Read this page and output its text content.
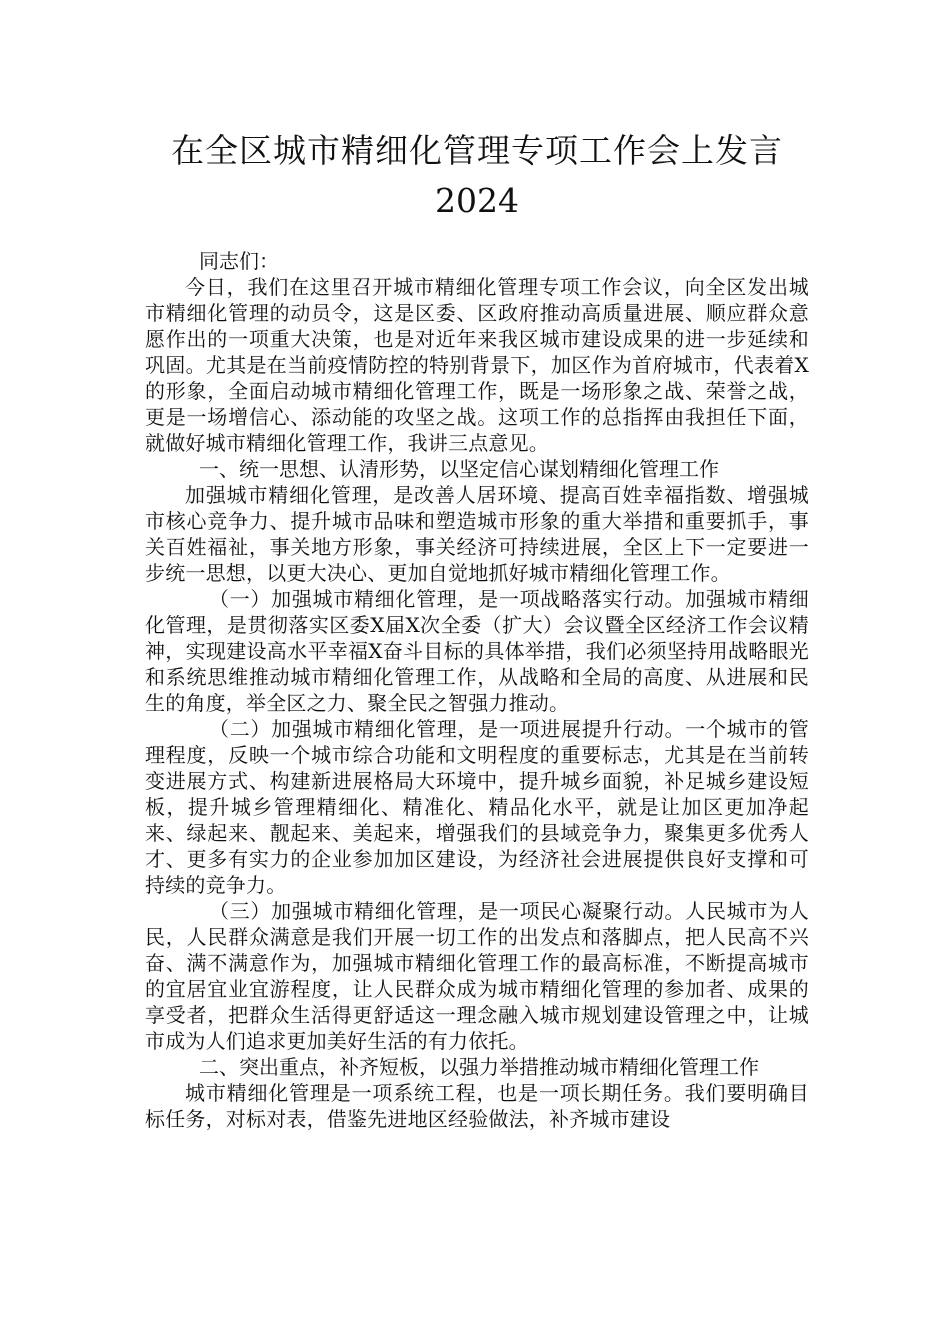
在全区城市精细化管理专项工作会上发言
2024

同志们：

今日，我们在这里召开城市精细化管理专项工作会议，向全区发出城市精细化管理的动员令，这是区委、区政府推动高质量进展、顺应群众意愿作出的一项重大决策，也是对近年来我区城市建设成果的进一步延续和巩固。尤其是在当前疫情防控的特别背景下，加区作为首府城市，代表着X的形象，全面启动城市精细化管理工作，既是一场形象之战、荣誉之战，更是一场增信心、添动能的攻坚之战。这项工作的总指挥由我担任下面，就做好城市精细化管理工作，我讲三点意见。

一、统一思想、认清形势，以坚定信心谋划精细化管理工作

加强城市精细化管理，是改善人居环境、提高百姓幸福指数、增强城市核心竞争力、提升城市品味和塑造城市形象的重大举措和重要抓手，事关百姓福祉，事关地方形象，事关经济可持续进展，全区上下一定要进一步统一思想，以更大决心、更加自觉地抓好城市精细化管理工作。

（一）加强城市精细化管理，是一项战略落实行动。加强城市精细化管理，是贯彻落实区委X届X次全委（扩大）会议暨全区经济工作会议精神，实现建设高水平幸福X奋斗目标的具体举措，我们必须坚持用战略眼光和系统思维推动城市精细化管理工作，从战略和全局的高度、从进展和民生的角度，举全区之力、聚全民之智强力推动。

（二）加强城市精细化管理，是一项进展提升行动。一个城市的管理程度，反映一个城市综合功能和文明程度的重要标志，尤其是在当前转变进展方式、构建新进展格局大环境中，提升城乡面貌，补足城乡建设短板，提升城乡管理精细化、精准化、精品化水平，就是让加区更加净起来、绿起来、靓起来、美起来，增强我们的县域竞争力，聚集更多优秀人才、更多有实力的企业参加加区建设，为经济社会进展提供良好支撑和可持续的竞争力。

（三）加强城市精细化管理，是一项民心凝聚行动。人民城市为人民，人民群众满意是我们开展一切工作的出发点和落脚点，把人民高不兴奋、满不满意作为，加强城市精细化管理工作的最高标准，不断提高城市的宜居宜业宜游程度，让人民群众成为城市精细化管理的参加者、成果的享受者，把群众生活得更舒适这一理念融入城市规划建设管理之中，让城市成为人们追求更加美好生活的有力依托。

二、突出重点，补齐短板，以强力举措推动城市精细化管理工作

城市精细化管理是一项系统工程，也是一项长期任务。我们要明确目标任务，对标对表，借鉴先进地区经验做法，补齐城市建设
